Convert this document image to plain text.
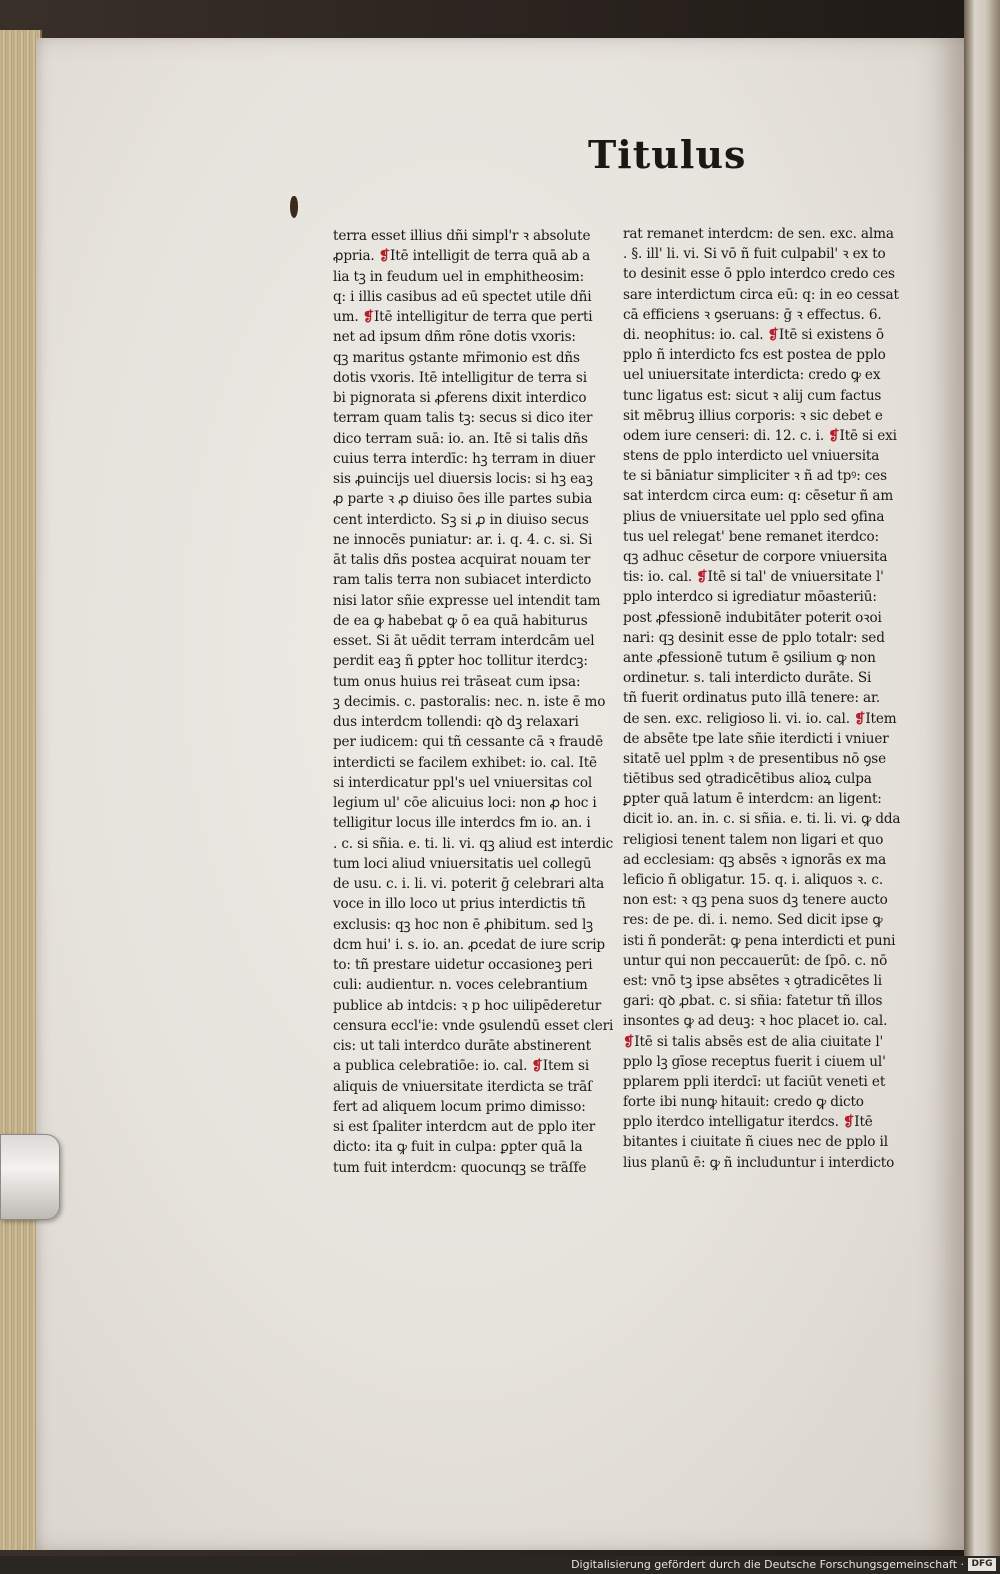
Titulus
terra esset illius dñi simpl'r ꝛ absolute
ꝓpria. ❡Itē intelligit de terra quā ab a
lia tꝫ in feudum uel in emphitheosim:
q: i illis casibus ad eū spectet utile dñi
um. ❡Itē intelligitur de terra que perti
net ad ipsum dñm rōne dotis vxoris:
qꝫ maritus ꝯstante mr̄imonio est dñs
dotis vxoris. Itē intelligitur de terra si
bi pignorata si ꝓferens dixit interdico
terram quam talis tꝫ: secus si dico iter
dico terram suā: io. an. Itē si talis dñs
cuius terra interdīc: hꝫ terram in diuer
sis ꝓuincijs uel diuersis locis: si hꝫ eaꝫ
ꝓ parte ꝛ ꝓ diuiso ōes ille partes subia
cent interdicto. Sꝫ si ꝓ in diuiso secus
ne innocēs puniatur: ar. i. q. 4. c. si. Si
āt talis dñs postea acquirat nouam ter
ram talis terra non subiacet interdicto
nisi lator sñie expresse uel intendit tam
de ea ꝙ habebat ꝙ ō ea quā habiturus
esset. Si āt uēdit terram interdcām uel
perdit eaꝫ ñ ꝑpter hoc tollitur iterdcꝫ:
tum onus huius rei trāseat cum ipsa:
ꝫ decimis. c. pastoralis: nec. n. iste ē mo
dus interdcm tollendi: qꝺ dꝫ relaxari
per iudicem: qui tñ cessante cā ꝛ fraudē
interdicti se facilem exhibet: io. cal. Itē
si interdicatur ppl's uel vniuersitas col
legium ul' cōe alicuius loci: non ꝓ hoc i
telligitur locus ille interdcs fm io. an. i
. c. si sñia. e. ti. li. vi. qꝫ aliud est interdic
tum loci aliud vniuersitatis uel collegū
de usu. c. i. li. vi. poterit ḡ celebrari alta
voce in illo loco ut prius interdictis tñ
exclusis: qꝫ hoc non ē ꝓhibitum. sed lꝫ
dcm hui' i. s. io. an. ꝓcedat de iure scrip
to: tñ prestare uidetur occasioneꝫ peri
culi: audientur. n. voces celebrantium
publice ab intdcis: ꝛ p hoc uilipēderetur
censura eccl'ie: vnde ꝯsulendū esset cleri
cis: ut tali interdco durāte abstinerent
a publica celebratiōe: io. cal. ❡Item si
aliquis de vniuersitate iterdicta se trāſ
fert ad aliquem locum primo dimisso:
si est ſpaliter interdcm aut de pplo iter
dicto: ita ꝙ fuit in culpa: ꝑpter quā la
tum fuit interdcm: quocunqꝫ se trāſfe
rat remanet interdcm: de sen. exc. alma
. §. ill' li. vi. Si vō ñ fuit culpabil' ꝛ ex to
to desinit esse ō pplo interdco credo ces
sare interdictum circa eū: q: in eo cessat
cā efficiens ꝛ ꝯseruans: ḡ ꝛ effectus. 6.
di. neophitus: io. cal. ❡Itē si existens ō
pplo ñ interdicto fcs est postea de pplo
uel uniuersitate interdicta: credo ꝙ ex
tunc ligatus est: sicut ꝛ alij cum factus
sit mēbruꝫ illius corporis: ꝛ sic debet e
odem iure censeri: di. 12. c. i. ❡Itē si exi
stens de pplo interdicto uel vniuersita
te si bāniatur simpliciter ꝛ ñ ad tpꝰ: ces
sat interdcm circa eum: q: cēsetur ñ am
plius de vniuersitate uel pplo sed ꝯfina
tus uel relegat' bene remanet iterdco:
qꝫ adhuc cēsetur de corpore vniuersita
tis: io. cal. ❡Itē si tal' de vniuersitate l'
pplo interdco si igrediatur mōasteriū:
post ꝓfessionē indubitāter poterit oꝛoi
nari: qꝫ desinit esse de pplo totalr: sed
ante ꝓfessionē tutum ē ꝯsilium ꝙ non
ordinetur. s. tali interdicto durāte. Si
tñ fuerit ordinatus puto illā tenere: ar.
de sen. exc. religioso li. vi. io. cal. ❡Item
de absēte tpe late sñie iterdicti i vniuer
sitatē uel pplm ꝛ de presentibus nō ꝯse
tiētibus sed ꝯtradicētibus alioꝝ culpa
ꝑpter quā latum ē interdcm: an ligent:
dicit io. an. in. c. si sñia. e. ti. li. vi. ꝙ dda
religiosi tenent talem non ligari et quo
ad ecclesiam: qꝫ absēs ꝛ ignorās ex ma
leficio ñ obligatur. 15. q. i. aliquos ꝛ. c.
non est: ꝛ qꝫ pena suos dꝫ tenere aucto
res: de pe. di. i. nemo. Sed dicit ipse ꝙ
isti ñ ponderāt: ꝙ pena interdicti et puni
untur qui non peccauerūt: de ſpō. c. nō
est: vnō tꝫ ipse absētes ꝛ ꝯtradicētes li
gari: qꝺ ꝓbat. c. si sñia: fatetur tñ illos
insontes ꝙ ad deuꝫ: ꝛ hoc placet io. cal.
❡Itē si talis absēs est de alia ciuitate l'
pplo lꝫ gīose receptus fuerit i ciuem ul'
pplarem ppli iterdcī: ut faciūt veneti et
forte ibi nunꝙ hitauit: credo ꝙ dicto
pplo iterdco intelligatur iterdcs. ❡Itē
bitantes i ciuitate ñ ciues nec de pplo il
lius planū ē: ꝙ ñ includuntur i interdicto
Digitalisierung gefördert durch die Deutsche Forschungsgemeinschaft · DFG
